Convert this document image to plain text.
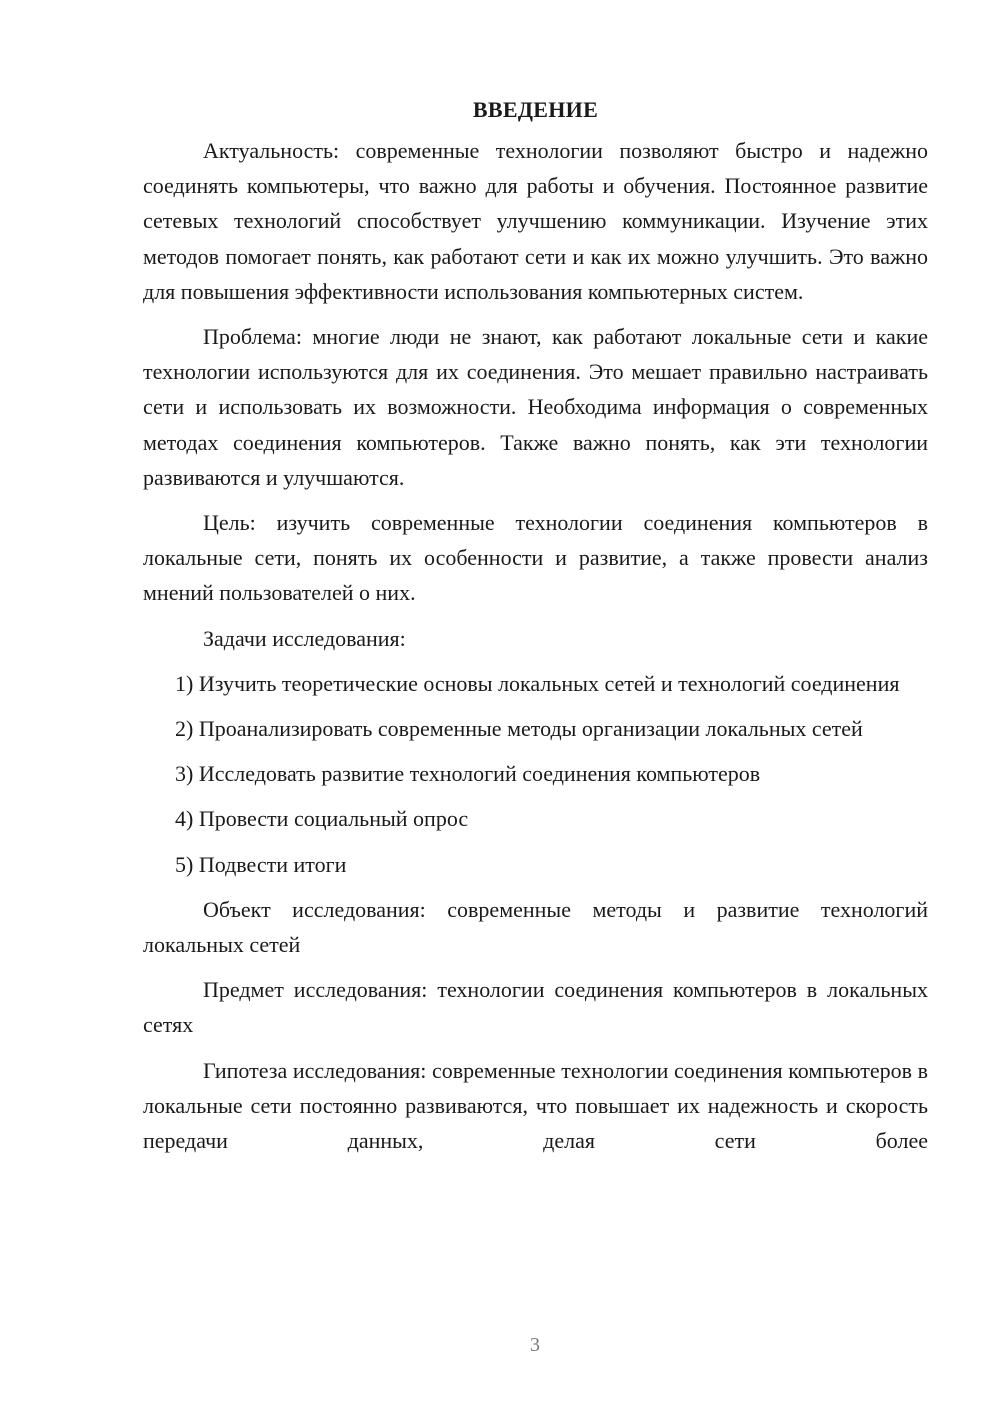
ВВЕДЕНИЕ

Актуальность: современные технологии позволяют быстро и надежно соединять компьютеры, что важно для работы и обучения. Постоянное развитие сетевых технологий способствует улучшению коммуникации. Изучение этих методов помогает понять, как работают сети и как их можно улучшить. Это важно для повышения эффективности использования компьютерных систем.

Проблема: многие люди не знают, как работают локальные сети и какие технологии используются для их соединения. Это мешает правильно настраивать сети и использовать их возможности. Необходима информация о современных методах соединения компьютеров. Также важно понять, как эти технологии развиваются и улучшаются.

Цель: изучить современные технологии соединения компьютеров в локальные сети, понять их особенности и развитие, а также провести анализ мнений пользователей о них.

Задачи исследования:

1) Изучить теоретические основы локальных сетей и технологий соединения

2) Проанализировать современные методы организации локальных сетей

3) Исследовать развитие технологий соединения компьютеров

4) Провести социальный опрос

5) Подвести итоги

Объект исследования: современные методы и развитие технологий локальных сетей

Предмет исследования: технологии соединения компьютеров в локальных сетях

Гипотеза исследования: современные технологии соединения компьютеров в локальные сети постоянно развиваются, что повышает их надежность и скорость передачи данных, делая сети более

3
